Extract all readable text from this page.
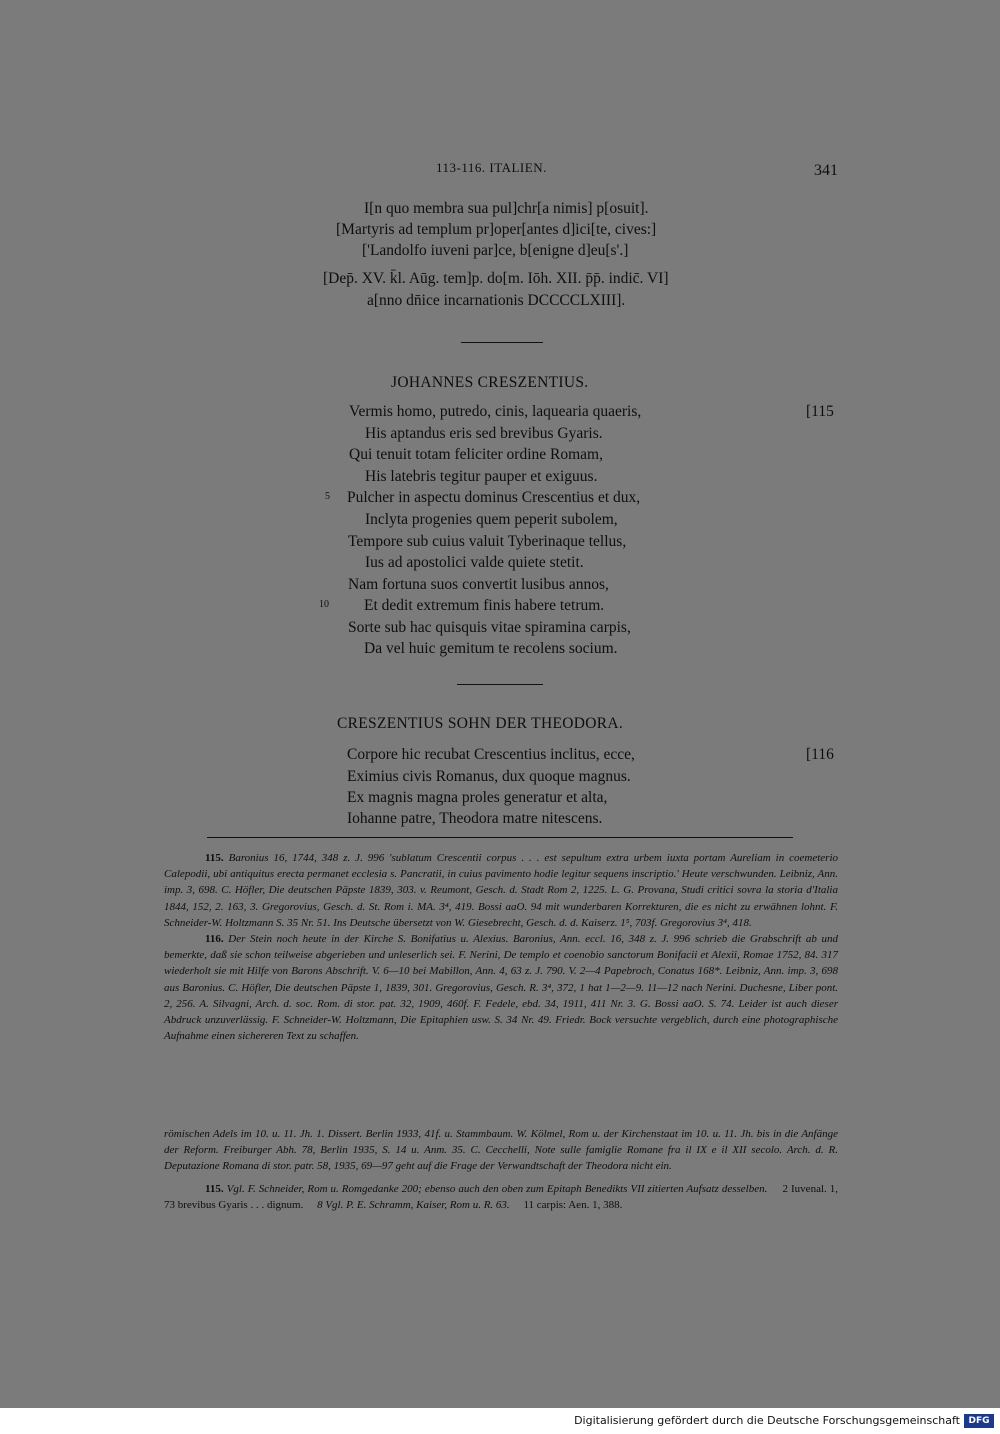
113-116. ITALIEN.	341
I[n quo membra sua pul]chr[a nimis] p[osuit].
[Martyris ad templum pr]oper[antes d]ici[te, cives:]
['Landolfo iuveni par]ce, b[enigne d]eu[s'.]
[Dep̄. XV. k̄l. Aūg. tem]p. do[m. Iōh. XII. p̄p̄. indic̄. VI]
a[nno dn̄ice incarnationis DCCCCLXIII].
JOHANNES CRESZENTIUS.
[115
Vermis homo, putredo, cinis, laquearia quaeris,
His aptandus eris sed brevibus Gyaris.
Qui tenuit totam feliciter ordine Romam,
His latebris tegitur pauper et exiguus.
5 Pulcher in aspectu dominus Crescentius et dux,
Inclyta progenies quem peperit subolem,
Tempore sub cuius valuit Tyberinaque tellus,
Ius ad apostolici valde quiete stetit.
Nam fortuna suos convertit lusibus annos,
10 Et dedit extremum finis habere tetrum.
Sorte sub hac quisquis vitae spiramina carpis,
Da vel huic gemitum te recolens socium.
CRESZENTIUS SOHN DER THEODORA.
[116
Corpore hic recubat Crescentius inclitus, ecce,
Eximius civis Romanus, dux quoque magnus.
Ex magnis magna proles generatur et alta,
Iohanne patre, Theodora matre nitescens.

115. Baronius 16, 1744, 348 z. J. 996 'sublatum Crescentii corpus . . . est sepultum extra urbem iuxta portam Aureliam in coemeterio Calepodii, ubi antiquitus erecta permanet ecclesia s. Pancratii, in cuius pavimento hodie legitur sequens inscriptio.' Heute verschwunden. Leibniz, Ann. imp. 3, 698. C. Höfler, Die deutschen Päpste 1839, 303. v. Reumont, Gesch. d. Stadt Rom 2, 1225. L. G. Provana, Studi critici sovra la storia d'Italia 1844, 152, 2. 163, 3. Gregorovius, Gesch. d. St. Rom i. MA. 3⁴, 419. Bossi aaO. 94 mit wunderbaren Korrekturen, die es nicht zu erwähnen lohnt. F. Schneider-W. Holtzmann S. 35 Nr. 51. Ins Deutsche übersetzt von W. Giesebrecht, Gesch. d. d. Kaiserz. 1⁵, 703f. Gregorovius 3⁴, 418.

116. Der Stein noch heute in der Kirche S. Bonifatius u. Alexius. Baronius, Ann. eccl. 16, 348 z. J. 996 schrieb die Grabschrift ab und bemerkte, daß sie schon teilweise abgerieben und unleserlich sei. F. Nerini, De templo et coenobio sanctorum Bonifacii et Alexii, Romae 1752, 84. 317 wiederholt sie mit Hilfe von Barons Abschrift. V. 6—10 bei Mabillon, Ann. 4, 63 z. J. 790. V. 2—4 Papebroch, Conatus 168*. Leibniz, Ann. imp. 3, 698 aus Baronius. C. Höfler, Die deutschen Päpste 1, 1839, 301. Gregorovius, Gesch. R. 3⁴, 372, 1 hat 1—2—9. 11—12 nach Nerini. Duchesne, Liber pont. 2, 256. A. Silvagni, Arch. d. soc. Rom. di stor. pat. 32, 1909, 460f. F. Fedele, ebd. 34, 1911, 411 Nr. 3. G. Bossi aaO. S. 74. Leider ist auch dieser Abdruck unzuverlässig. F. Schneider-W. Holtzmann, Die Epitaphien usw. S. 34 Nr. 49. Friedr. Bock versuchte vergeblich, durch eine photographische Aufnahme einen sichereren Text zu schaffen.

römischen Adels im 10. u. 11. Jh. 1. Dissert. Berlin 1933, 41f. u. Stammbaum. W. Kölmel, Rom u. der Kirchenstaat im 10. u. 11. Jh. bis in die Anfänge der Reform. Freiburger Abh. 78, Berlin 1935, S. 14 u. Anm. 35. C. Cecchelli, Note sulle famiglie Romane fra il IX e il XII secolo. Arch. d. R. Deputazione Romana di stor. patr. 58, 1935, 69—97 geht auf die Frage der Verwandtschaft der Theodora nicht ein.

115. Vgl. F. Schneider, Rom u. Romgedanke 200; ebenso auch den oben zum Epitaph Benedikts VII zitierten Aufsatz desselben. 2 Iuvenal. 1, 73 brevibus Gyaris . . . dignum. 8 Vgl. P. E. Schramm, Kaiser, Rom u. R. 63. 11 carpis: Aen. 1, 388.

Digitalisierung gefördert durch die Deutsche Forschungsgemeinschaft DFG
